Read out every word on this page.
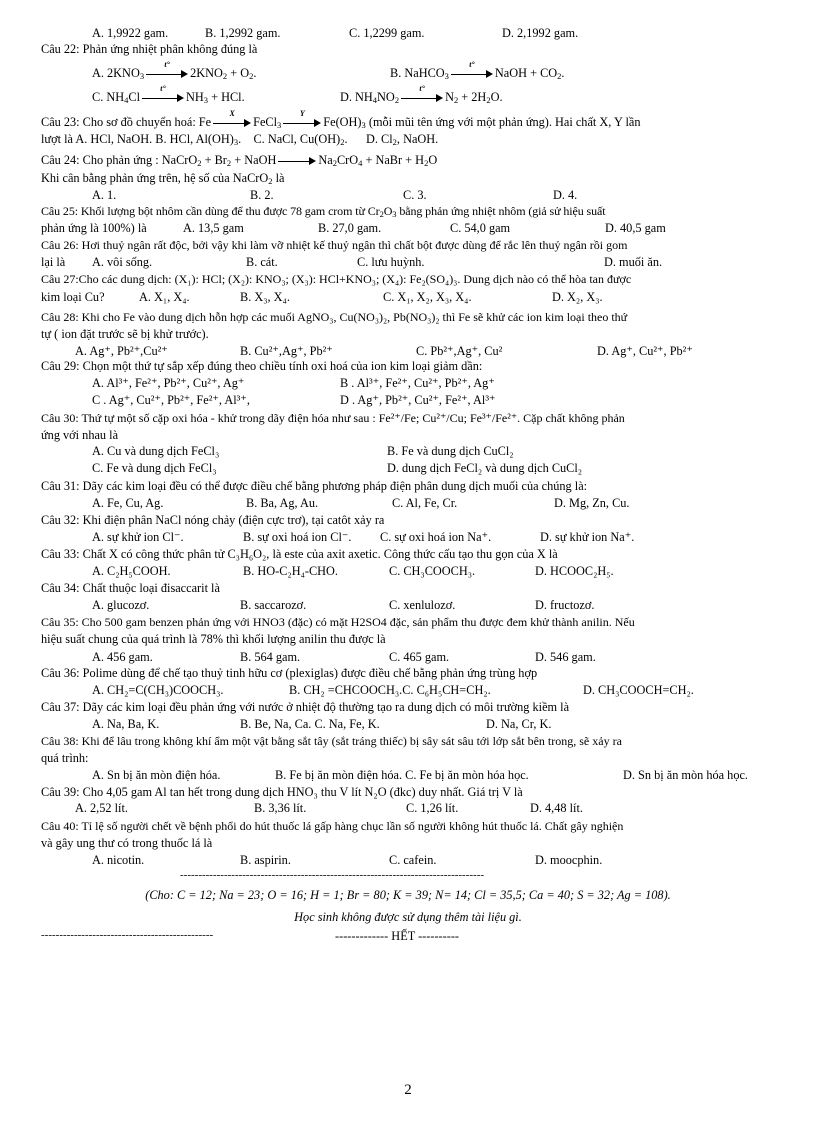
A. 1,9922 gam.	B. 1,2992 gam.	C. 1,2299 gam.	D. 2,1992 gam.
Câu 22: Phản ứng nhiệt phân không đúng là
A. $2KNO_3$
t°
$2KNO_2 + O_2$.	B. NaHCO$_3$
t°
NaOH + $CO_2$.
C. $NH_4Cl$
t°
$NH_3$ + HCl.	D. $NH_4NO_2$
t°
$N_2 + 2H_2O$.
Câu 23: Cho sơ đồ chuyển hoá: Fe
X
FeCl$_3$
Y
$Fe(OH)_3$ (mỗi mũi tên ứng với một phản ứng). Hai chất X, Y lần
lượt là A. HCl, NaOH. B. HCl, $Al(OH)_3$.    C. NaCl, $Cu(OH)_2$.      D. $Cl_2$, NaOH.
Câu 24: Cho phản ứng : NaCrO$_2$ + $Br_2$ + NaOH	$Na_2CrO_4$ + NaBr + $H_2O$
Khi cân bằng phản ứng trên, hệ số của NaCrO$_2$ là
A. 1.	B. 2.	C. 3.	D. 4.
Câu 25: Khối lượng bột nhôm cần dùng để thu được 78 gam crom từ $Cr_2O_3$ bằng phản ứng nhiệt nhôm (giả sử hiệu suất
phản ứng là 100%) là	A. 13,5 gam	B. 27,0 gam.	C. 54,0 gam	D. 40,5 gam
Câu 26: Hơi thuỷ ngân rất độc, bởi vậy khi làm vỡ nhiệt kế thuỷ ngân thì chất bột được dùng để rắc lên thuỷ ngân rồi gom
lại là A. vôi sống.	B. cát.	C. lưu huỳnh.	D. muối ăn.
Câu 27:Cho các dung dịch: (X₁): HCl; (X₂): KNO₃; (X₃): HCl+KNO₃; (X₄): Fe₂(SO₄)₃. Dung dịch nào có thể hòa tan được
kim loại Cu?	A. X₁, X₄.	B. X₃, X₄.	C. X₁, X₂, X₃, X₄.	D. X₂, X₃.
Câu 28: Khi cho Fe vào dung dịch hỗn hợp các muối AgNO₃, Cu(NO₃)₂, Pb(NO₃)₂ thì Fe sẽ khử các ion kim loại theo thứ
tự ( ion đặt trước sẽ bị khử trước).
A. Ag⁺, Pb²⁺,Cu²⁺	B. Cu²⁺,Ag⁺, Pb²⁺	C. Pb²⁺,Ag⁺, Cu²	D. Ag⁺, Cu²⁺, Pb²⁺
Câu 29: Chọn một thứ tự sắp xếp đúng theo chiều tính oxi hoá của ion kim loại giảm dần:
A. Al³⁺, Fe²⁺, Pb²⁺, Cu²⁺, Ag⁺	B . Al³⁺, Fe²⁺, Cu²⁺, Pb²⁺, Ag⁺
C . Ag⁺, Cu²⁺, Pb²⁺, Fe²⁺, Al³⁺,	D . Ag⁺, Pb²⁺, Cu²⁺, Fe²⁺, Al³⁺
Câu 30: Thứ tự một số cặp oxi hóa - khử trong dãy điện hóa như sau : Fe²⁺/Fe; Cu²⁺/Cu; Fe³⁺/Fe²⁺. Cặp chất không phản
ứng với nhau là
A. Cu và dung dịch FeCl₃	B. Fe và dung dịch CuCl₂
C. Fe và dung dịch FeCl₃	D. dung dịch FeCl₂ và dung dịch CuCl₂
Câu 31: Dãy các kim loại đều có thể được điều chế bằng phương pháp điện phân dung dịch muối của chúng là:
A. Fe, Cu, Ag.	B. Ba, Ag, Au.	C. Al, Fe, Cr.	D. Mg, Zn, Cu.
Câu 32: Khi điện phân NaCl nóng chảy (điện cực trơ), tại catôt xảy ra
A. sự khử ion Cl⁻.	B. sự oxi hoá ion Cl⁻. C. sự oxi hoá ion Na⁺.	D. sự khử ion Na⁺.
Câu 33: Chất X có công thức phân tử C₃H₆O₂, là este của axit axetic. Công thức cấu tạo thu gọn của X là
A. C₂H₅COOH.	B. HO-C₂H₄-CHO.	C. CH₃COOCH₃.	D. HCOOC₂H₅.
Câu 34: Chất thuộc loại đisaccarit là
A. glucozơ.	B. saccarozơ.	C. xenlulozơ.	D. fructozơ.
Câu 35: Cho 500 gam benzen phản ứng với HNO3 (đặc) có mặt H2SO4 đặc, sản phẩm thu được đem khử thành anilin. Nếu
hiệu suất chung của quá trình là 78% thì khối lượng anilin thu được là
A. 456 gam.	B. 564 gam.	C. 465 gam.	D. 546 gam.
Câu 36: Polime dùng để chế tạo thuỷ tinh hữu cơ (plexiglas) được điều chế bằng phản ứng trùng hợp
A. CH₂=C(CH₃)COOCH₃.	B. CH₂ =CHCOOCH₃.C. C₆H₅CH=CH₂.	D. CH₃COOCH=CH₂.
Câu 37: Dãy các kim loại đều phản ứng với nước ở nhiệt độ thường tạo ra dung dịch có môi trường kiềm là
A. Na, Ba, K.	B. Be, Na, Ca. C. Na, Fe, K.	D. Na, Cr, K.
Câu 38: Khi để lâu trong không khí ẩm một vật bằng sắt tây (sắt tráng thiếc) bị sây sát sâu tới lớp sắt bên trong, sẽ xảy ra
quá trình:
A. Sn bị ăn mòn điện hóa.	B. Fe bị ăn mòn điện hóa. C. Fe bị ăn mòn hóa học.	D. Sn bị ăn mòn hóa học.
Câu 39: Cho 4,05 gam Al tan hết trong dung dịch HNO₃ thu V lít N₂O (đkc) duy nhất. Giá trị V là
A. 2,52 lít.	B. 3,36 lít.	C. 1,26 lít.	D. 4,48 lít.
Câu 40: Tỉ lệ số người chết về bệnh phổi do hút thuốc lá gấp hàng chục lần số người không hút thuốc lá. Chất gây nghiện
và gây ung thư có trong thuốc lá là
A. nicotin.	B. aspirin.	C. cafein.	D. moocphin.
-----------------------------------------------------------------------------------
(Cho: C = 12; Na = 23; O = 16; H = 1; Br = 80; K = 39; N= 14; Cl = 35,5; Ca = 40; S = 32; Ag = 108).
Học sinh không được sử dụng thêm tài liệu gì.
-----------------------------------------------	------------- HẾT ----------
2
